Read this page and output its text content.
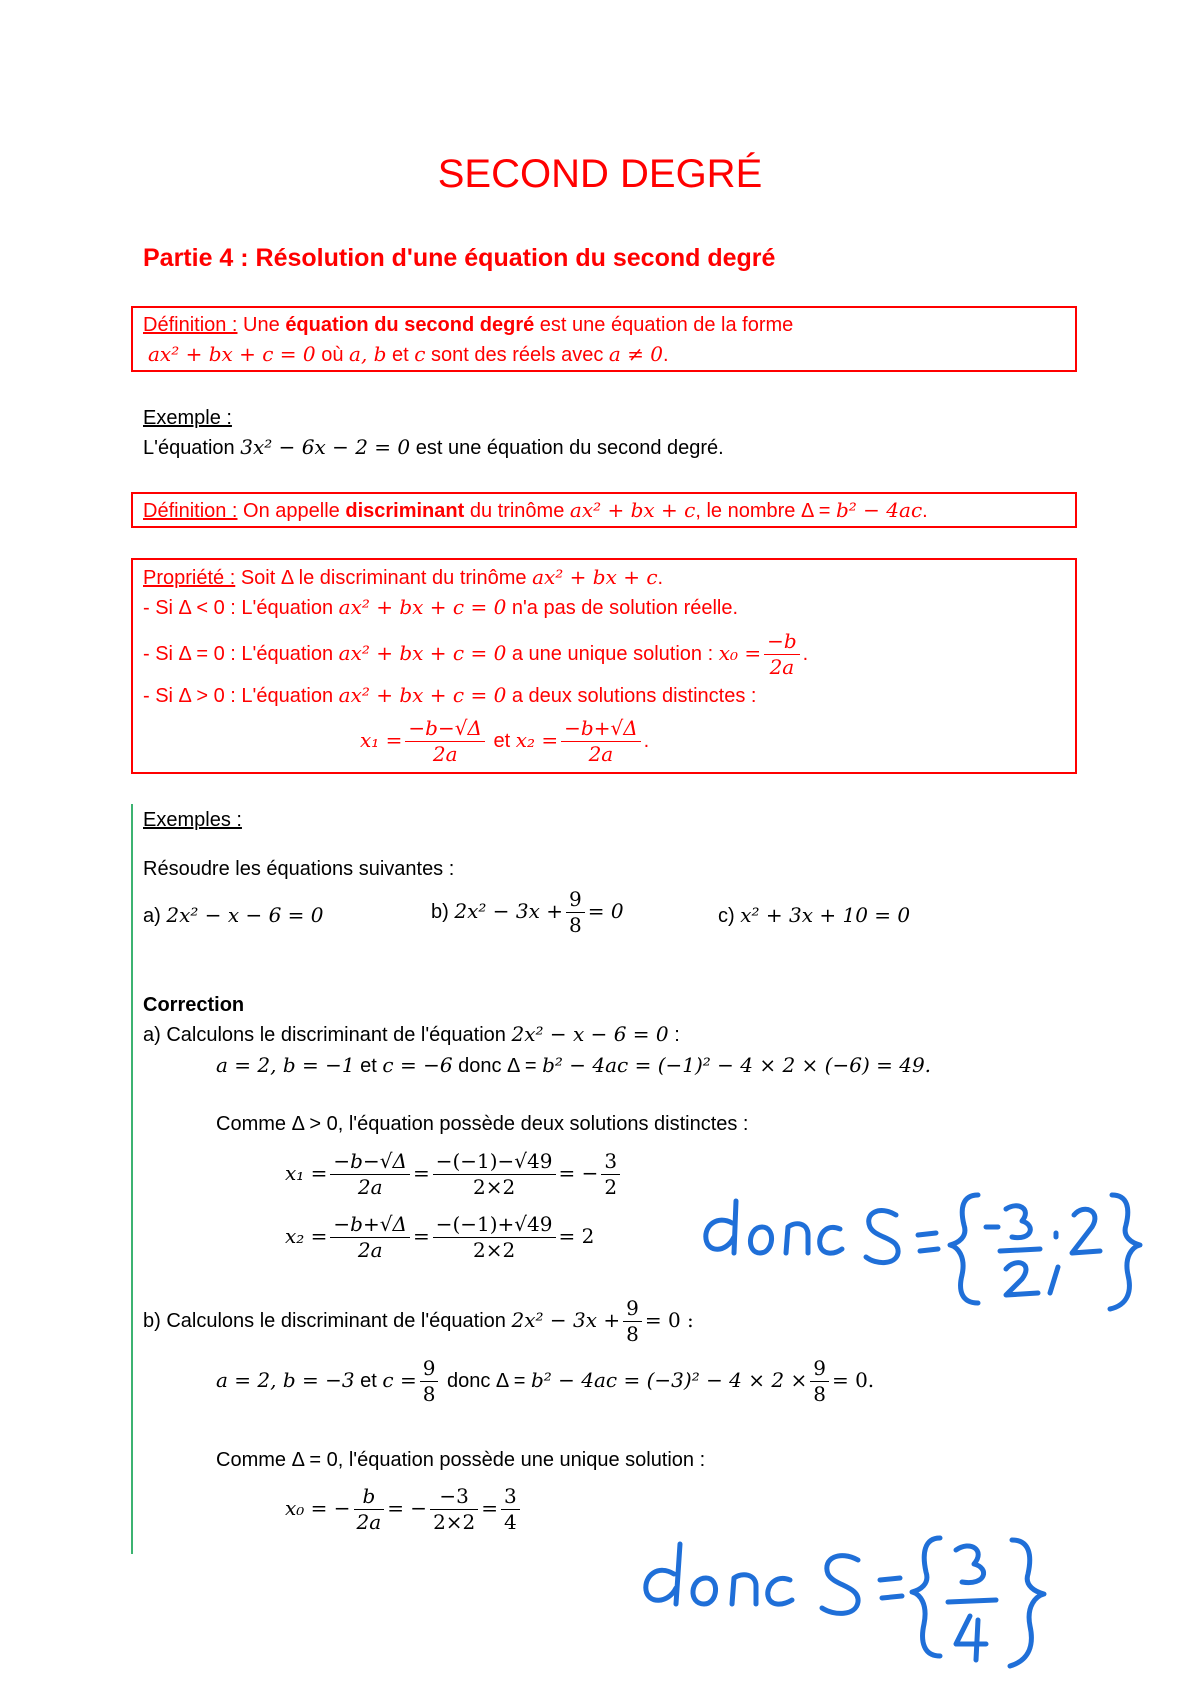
SECOND DEGRÉ
Partie 4 : Résolution d'une équation du second degré
Définition : Une équation du second degré est une équation de la forme
ax² + bx + c = 0 où a, b et c sont des réels avec a ≠ 0.
Exemple :
L'équation 3x² − 6x − 2 = 0 est une équation du second degré.
Définition : On appelle discriminant du trinôme ax² + bx + c, le nombre Δ = b² − 4ac.
Propriété : Soit Δ le discriminant du trinôme ax² + bx + c.
- Si Δ < 0 : L'équation ax² + bx + c = 0 n'a pas de solution réelle.
- Si Δ = 0 : L'équation ax² + bx + c = 0 a une unique solution : $x_0 = \frac{-b}{2a}$ .
- Si Δ > 0 : L'équation ax² + bx + c = 0 a deux solutions distinctes :
$x_1 = \frac{-b-√\Delta}{2a}$ et $x_2 = \frac{-b+√\Delta}{2a}$ .
Exemples :
Résoudre les équations suivantes :
a) 2x² − x − 6 = 0	b) $2x^2 - 3x + \frac{9}{8} = 0$	c) x² + 3x + 10 = 0
Correction
a) Calculons le discriminant de l'équation 2x² − x − 6 = 0 :
a = 2, b = −1 et c = −6 donc Δ = b² − 4ac = (−1)² − 4 × 2 × (−6) = 49.
Comme Δ > 0, l'équation possède deux solutions distinctes :
$x_1 = \frac{-b-√\Delta}{2a} = \frac{-(-1)-√49}{2\times 2}$ = − $\frac{3}{2}$
$x_2 = \frac{-b+√\Delta}{2a} = \frac{-(-1)+√49}{2\times 2} = 2$
b) Calculons le discriminant de l'équation $2x^2 - 3x + \frac{9}{8} = 0$ :
a = 2, b = −3 et $c = \frac{9}{8}$ donc $\Delta = b^2 - 4ac = (-3)^2 - 4 \times 2 \times \frac{9}{8} = 0$.
Comme Δ = 0, l'équation possède une unique solution :
x₀ = − $\frac{b}{2a}$ = − $\frac{-3}{2\times 2} = \frac{3}{4}$
